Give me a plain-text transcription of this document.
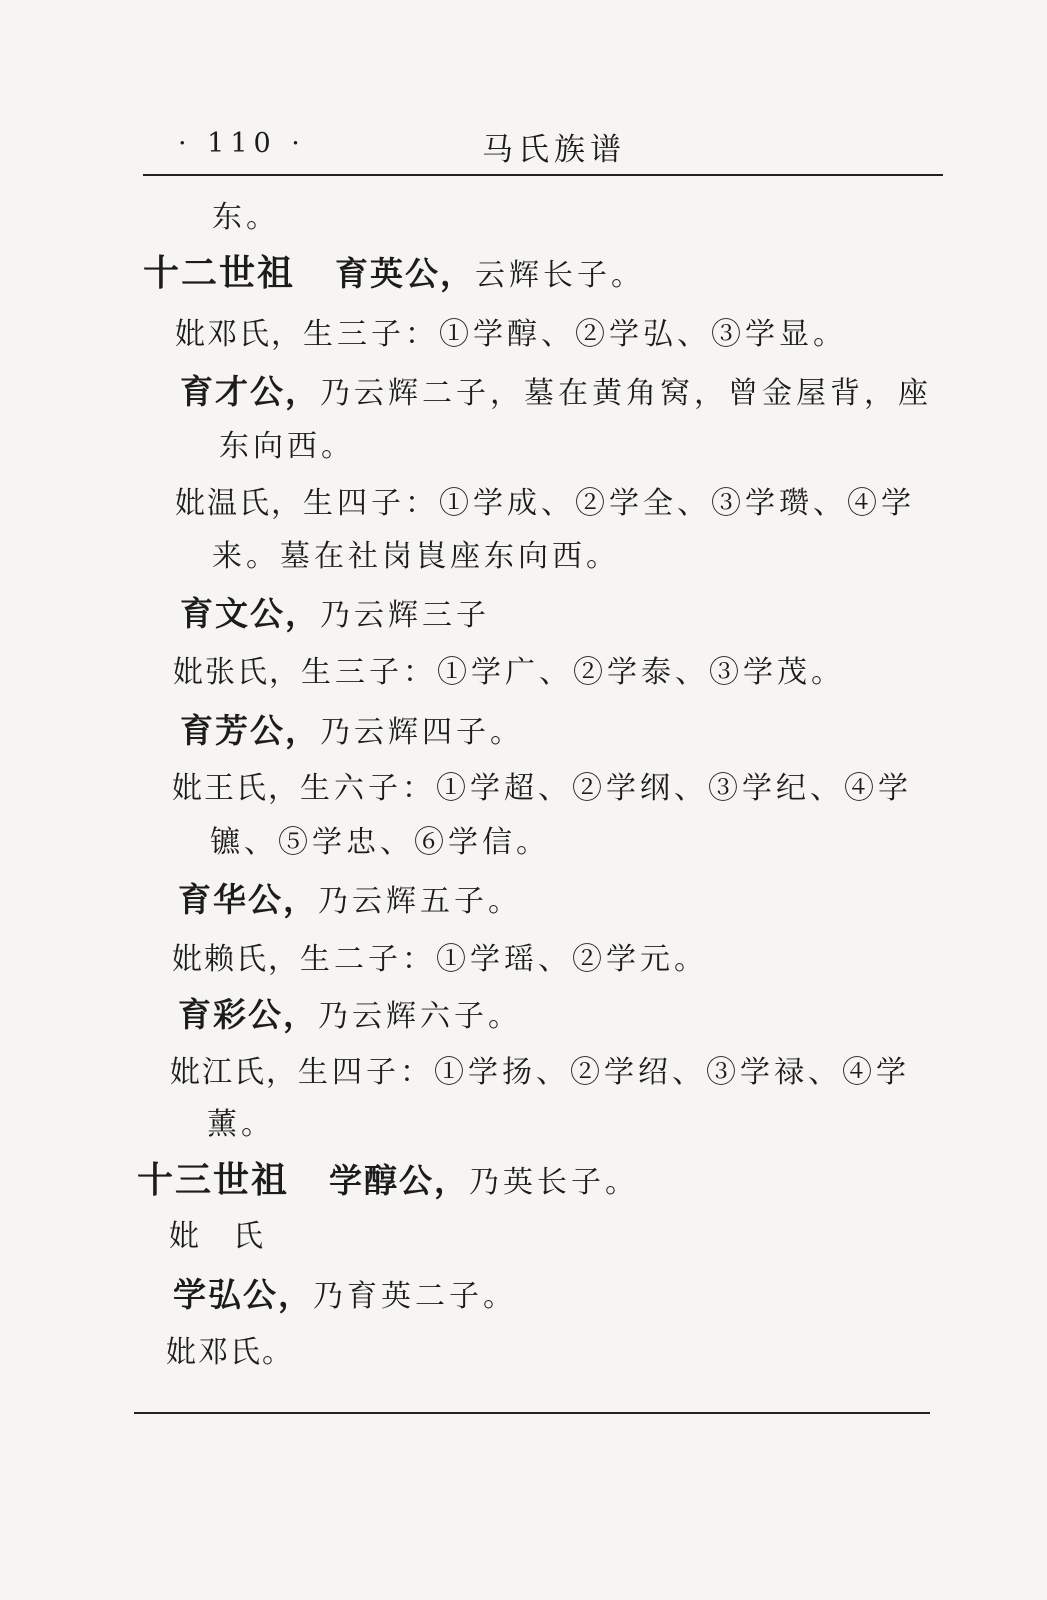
· 110 ·	马氏族谱
东。
十二世祖 育英公，云辉长子。
妣邓氏，生三子：①学醇、②学弘、③学显。
育才公，乃云辉二子，墓在黄角窝，曾金屋背，座
东向西。
妣温氏，生四子：①学成、②学全、③学瓒、④学
来。墓在社岗崀座东向西。
育文公，乃云辉三子
妣张氏，生三子：①学广、②学泰、③学茂。
育芳公，乃云辉四子。
妣王氏，生六子：①学超、②学纲、③学纪、④学
镳、⑤学忠、⑥学信。
育华公，乃云辉五子。
妣赖氏，生二子：①学瑶、②学元。
育彩公，乃云辉六子。
妣江氏，生四子：①学扬、②学绍、③学禄、④学
薰。
十三世祖 学醇公，乃英长子。
妣　氏
学弘公，乃育英二子。
妣邓氏。
